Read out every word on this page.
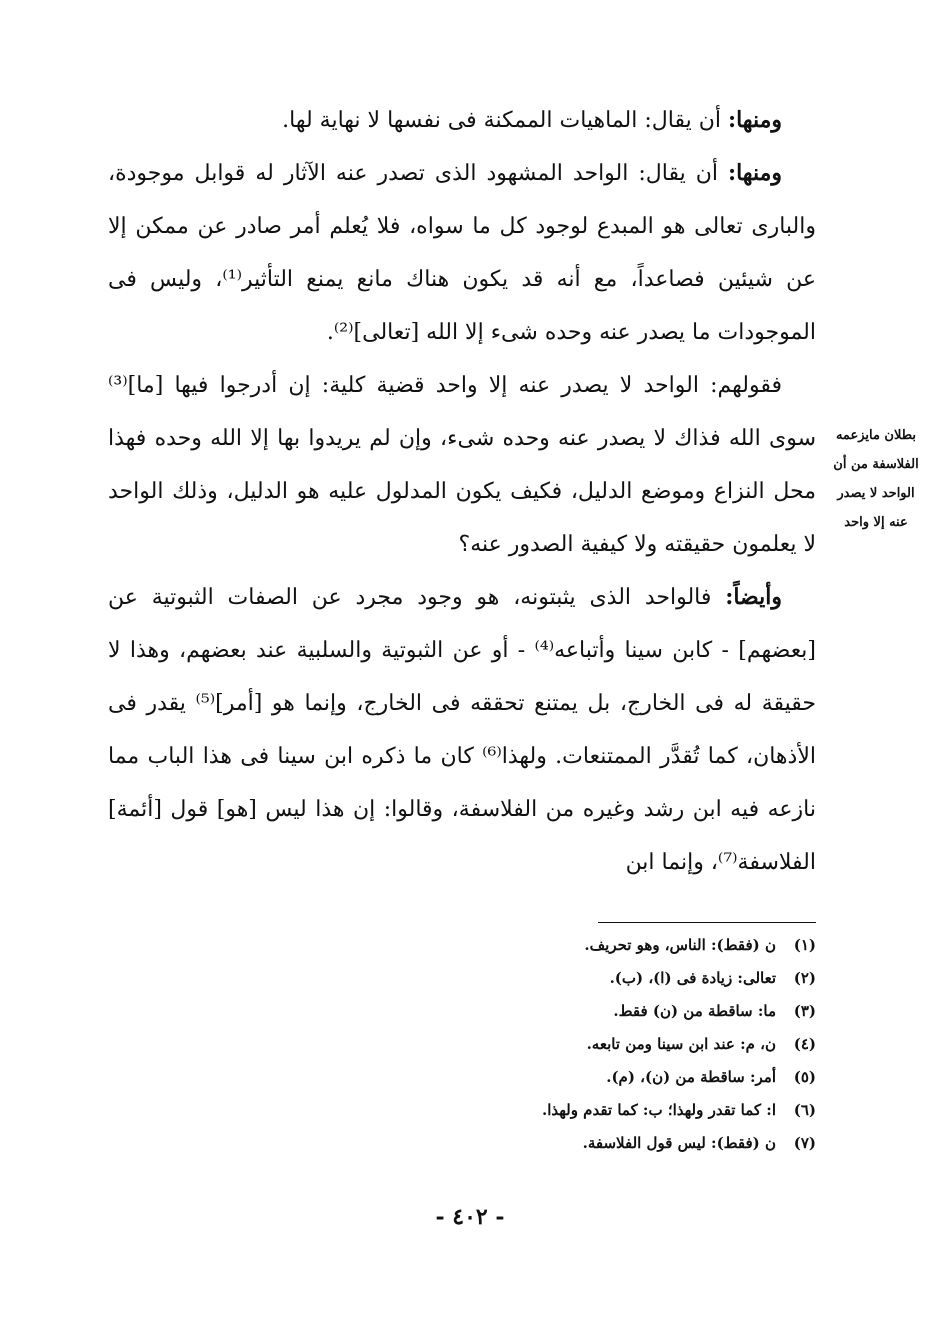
ومنها: أن يقال: الماهيات الممكنة فى نفسها لا نهاية لها.

ومنها: أن يقال: الواحد المشهود الذى تصدر عنه الآثار له قوابل موجودة، والبارى تعالى هو المبدع لوجود كل ما سواه، فلا يُعلم أمر صادر عن ممكن إلا عن شيئين فصاعداً، مع أنه قد يكون هناك مانع يمنع التأثير⁽¹⁾، وليس فى الموجودات ما يصدر عنه وحده شىء إلا الله [تعالى]⁽²⁾.

فقولهم: الواحد لا يصدر عنه إلا واحد قضية كلية: إن أدرجوا فيها [ما]⁽³⁾ سوى الله فذاك لا يصدر عنه وحده شىء، وإن لم يريدوا بها إلا الله وحده فهذا محل النزاع وموضع الدليل، فكيف يكون المدلول عليه هو الدليل، وذلك الواحد لا يعلمون حقيقته ولا كيفية الصدور عنه؟

وأيضاً: فالواحد الذى يثبتونه، هو وجود مجرد عن الصفات الثبوتية عن [بعضهم] - كابن سينا وأتباعه⁽⁴⁾ - أو عن الثبوتية والسلبية عند بعضهم، وهذا لا حقيقة له فى الخارج، بل يمتنع تحققه فى الخارج، وإنما هو [أمر]⁽⁵⁾ يقدر فى الأذهان، كما تُقدَّر الممتنعات. ولهذا⁽⁶⁾ كان ما ذكره ابن سينا فى هذا الباب مما نازعه فيه ابن رشد وغيره من الفلاسفة، وقالوا: إن هذا ليس [هو] قول [أئمة] الفلاسفة⁽⁷⁾، وإنما ابن

بطلان مايزعمه
الفلاسفة من أن
الواحد لا يصدر
عنه إلا واحد
(١)
ن (فقط): الناس، وهو تحريف.
(٢)
تعالى: زيادة فى (ا)، (ب).
(٣)
ما: ساقطة من (ن) فقط.
(٤)
ن، م: عند ابن سينا ومن تابعه.
(٥)
أمر: ساقطة من (ن)، (م).
(٦)
ا: كما تقدر ولهذا؛ ب: كما تقدم ولهذا.
(٧)
ن (فقط): ليس قول الفلاسفة.
- ٤٠٢ -
